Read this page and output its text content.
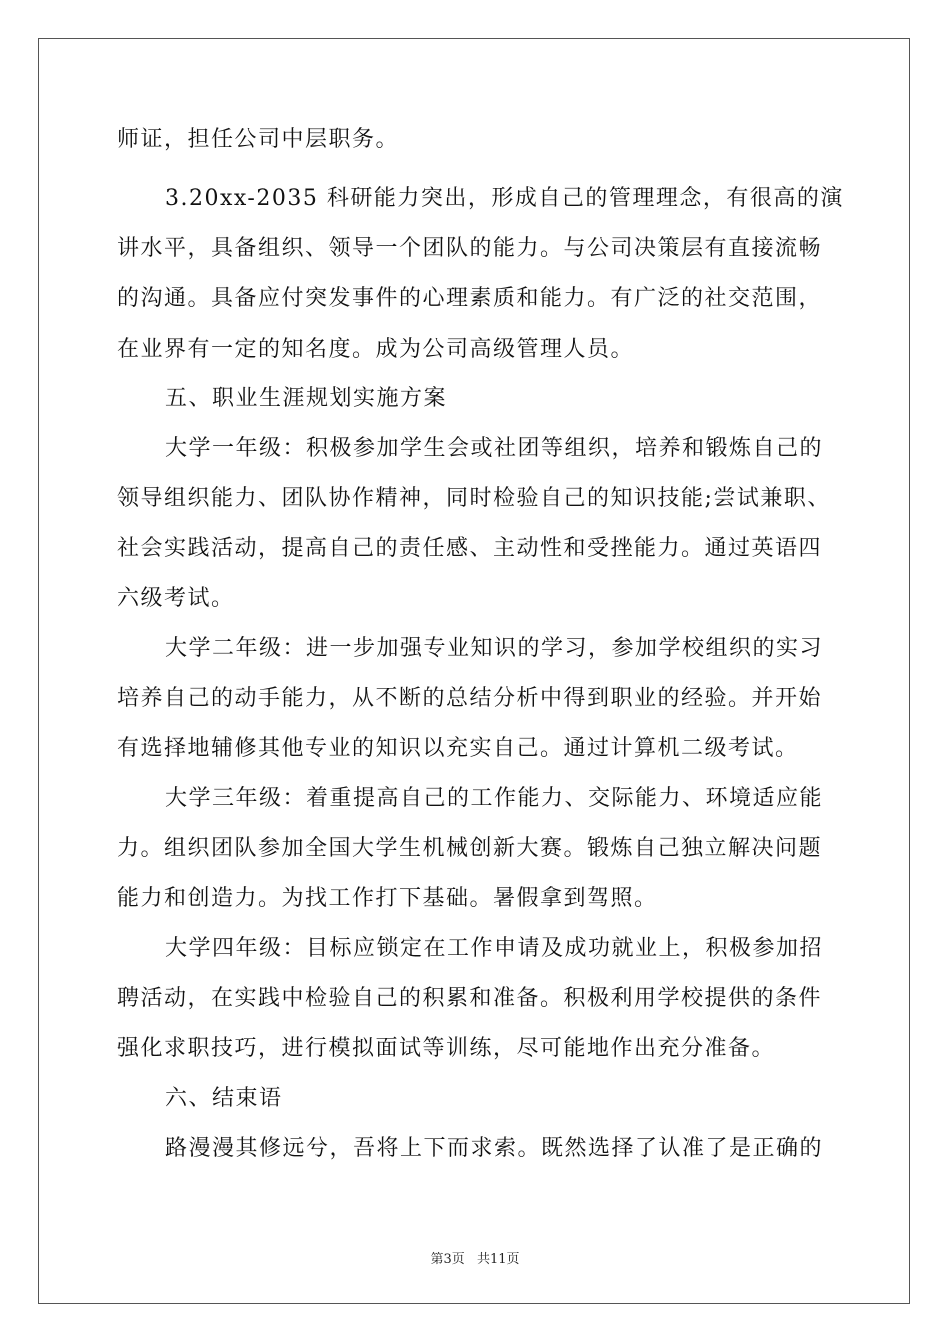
师证，担任公司中层职务。
3.20xx-2035 科研能力突出，形成自己的管理理念，有很高的演
讲水平，具备组织、领导一个团队的能力。与公司决策层有直接流畅
的沟通。具备应付突发事件的心理素质和能力。有广泛的社交范围，
在业界有一定的知名度。成为公司高级管理人员。
五、职业生涯规划实施方案
大学一年级：积极参加学生会或社团等组织，培养和锻炼自己的
领导组织能力、团队协作精神，同时检验自己的知识技能;尝试兼职、
社会实践活动，提高自己的责任感、主动性和受挫能力。通过英语四
六级考试。
大学二年级：进一步加强专业知识的学习，参加学校组织的实习
培养自己的动手能力，从不断的总结分析中得到职业的经验。并开始
有选择地辅修其他专业的知识以充实自己。通过计算机二级考试。
大学三年级：着重提高自己的工作能力、交际能力、环境适应能
力。组织团队参加全国大学生机械创新大赛。锻炼自己独立解决问题
能力和创造力。为找工作打下基础。暑假拿到驾照。
大学四年级：目标应锁定在工作申请及成功就业上，积极参加招
聘活动，在实践中检验自己的积累和准备。积极利用学校提供的条件
强化求职技巧，进行模拟面试等训练，尽可能地作出充分准备。
六、结束语
路漫漫其修远兮，吾将上下而求索。既然选择了认准了是正确的
第3页 共11页
